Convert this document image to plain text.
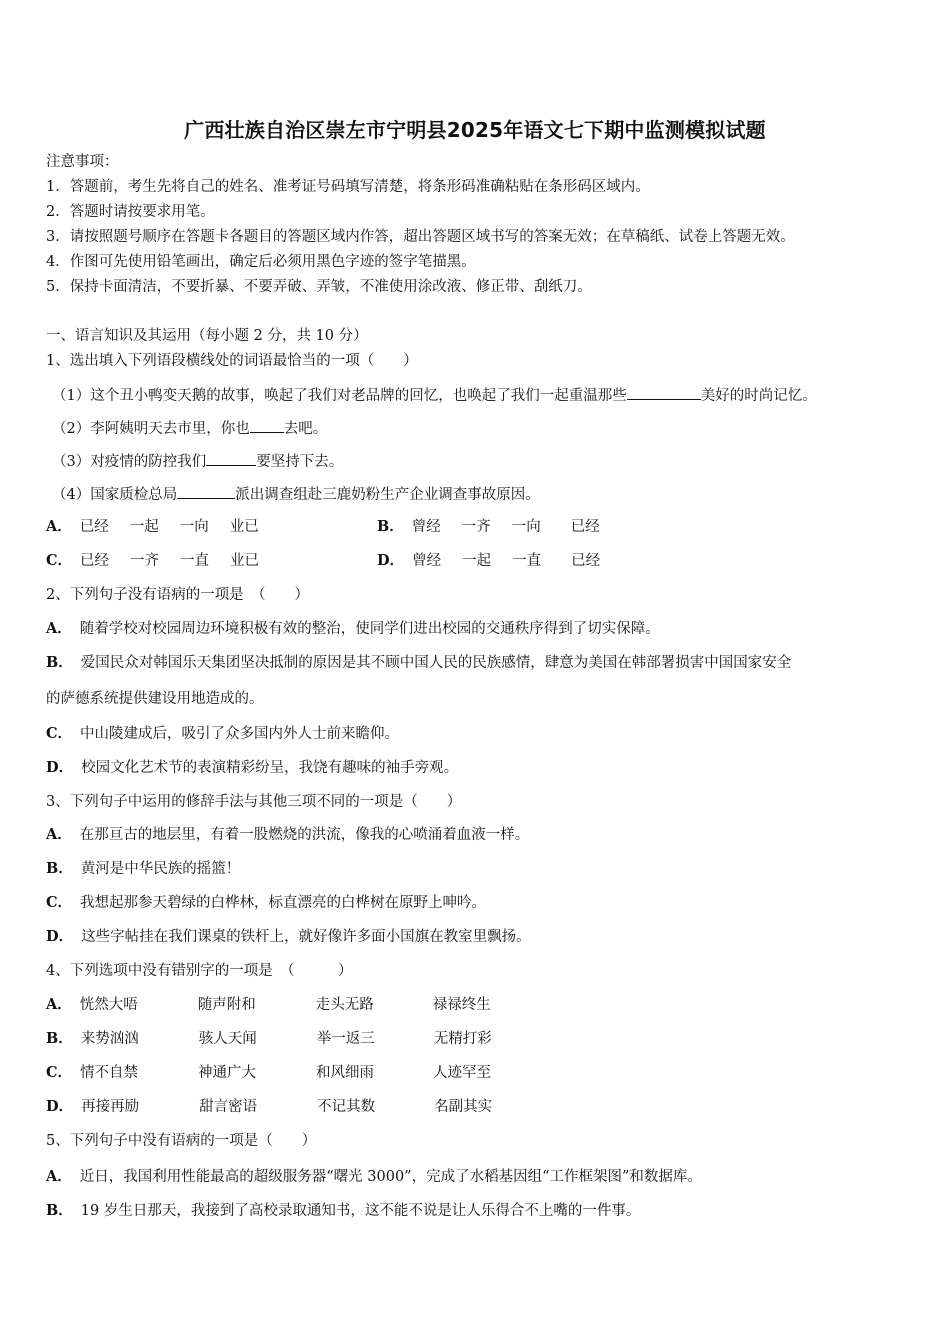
广西壮族自治区崇左市宁明县2025年语文七下期中监测模拟试题
注意事项：
1．答题前，考生先将自己的姓名、准考证号码填写清楚，将条形码准确粘贴在条形码区域内。
2．答题时请按要求用笔。
3．请按照题号顺序在答题卡各题目的答题区域内作答，超出答题区域书写的答案无效；在草稿纸、试卷上答题无效。
4．作图可先使用铅笔画出，确定后必须用黑色字迹的签字笔描黑。
5．保持卡面清洁，不要折暴、不要弄破、弄皱，不准使用涂改液、修正带、刮纸刀。
一、语言知识及其运用（每小题 2 分，共 10 分）
1、选出填入下列语段横线处的词语最恰当的一项（　　）
（1）这个丑小鸭变天鹅的故事，唤起了我们对老品牌的回忆，也唤起了我们一起重温那些	美好的时尚记忆。
（2）李阿姨明天去市里，你也 去吧。
（3）对疫情的防控我们	要坚持下去。
（4）国家质检总局	派出调查组赴三鹿奶粉生产企业调查事故原因。
A． 已经 一起 一向 业已	B． 曾经 一齐 一向 已经
C． 已经 一齐 一直 业已	D． 曾经 一起 一直 已经
2、下列句子没有语病的一项是　（　　）
A． 随着学校对校园周边环境积极有效的整治，使同学们进出校园的交通秩序得到了切实保障。
B． 爱国民众对韩国乐天集团坚决抵制的原因是其不顾中国人民的民族感情，肆意为美国在韩部署损害中国国家安全
的萨德系统提供建设用地造成的。
C． 中山陵建成后，吸引了众多国内外人士前来瞻仰。
D． 校园文化艺术节的表演精彩纷呈，我饶有趣味的袖手旁观。
3、下列句子中运用的修辞手法与其他三项不同的一项是（　　）
A． 在那亘古的地层里，有着一股燃烧的洪流，像我的心喷涌着血液一样。
B． 黄河是中华民族的摇篮！
C． 我想起那参天碧绿的白桦林，标直漂亮的白桦树在原野上呻吟。
D． 这些字帖挂在我们课桌的铁杆上，就好像许多面小国旗在教室里飘扬。
4、下列选项中没有错别字的一项是　（　　　）
A． 恍然大唔	随声附和	走头无路	禄禄终生
B． 来势汹汹	骇人天闻	举一返三	无精打彩
C． 情不自禁	神通广大	和风细雨	人迹罕至
D． 再接再励	甜言密语	不记其数	名副其实
5、下列句子中没有语病的一项是（　　）
A． 近日，我国利用性能最高的超级服务器“曙光 3000”，完成了水稻基因组“工作框架图”和数据库。
B． 19 岁生日那天，我接到了高校录取通知书，这不能不说是让人乐得合不上嘴的一件事。
